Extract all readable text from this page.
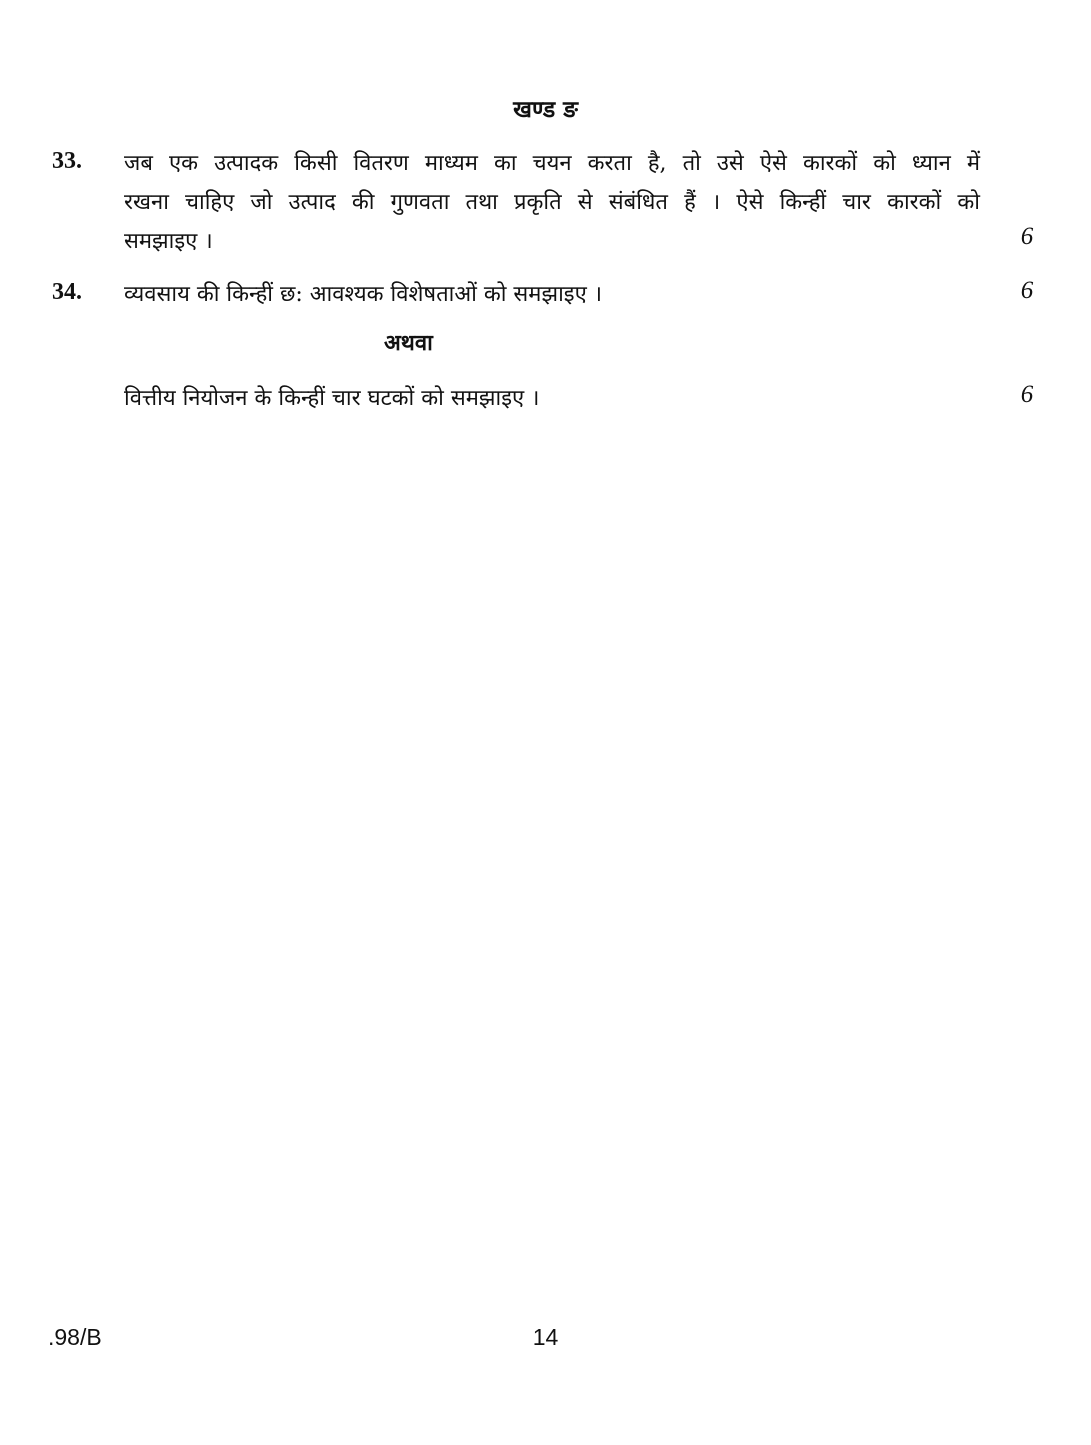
खण्ड ङ
33. जब एक उत्पादक किसी वितरण माध्यम का चयन करता है, तो उसे ऐसे कारकों को ध्यान में
रखना चाहिए जो उत्पाद की गुणवता तथा प्रकृति से संबंधित हैं । ऐसे किन्हीं चार कारकों को
समझाइए ।	6
34. व्यवसाय की किन्हीं छ: आवश्यक विशेषताओं को समझाइए ।	6
अथवा
वित्तीय नियोजन के किन्हीं चार घटकों को समझाइए ।	6
.98/B	14
